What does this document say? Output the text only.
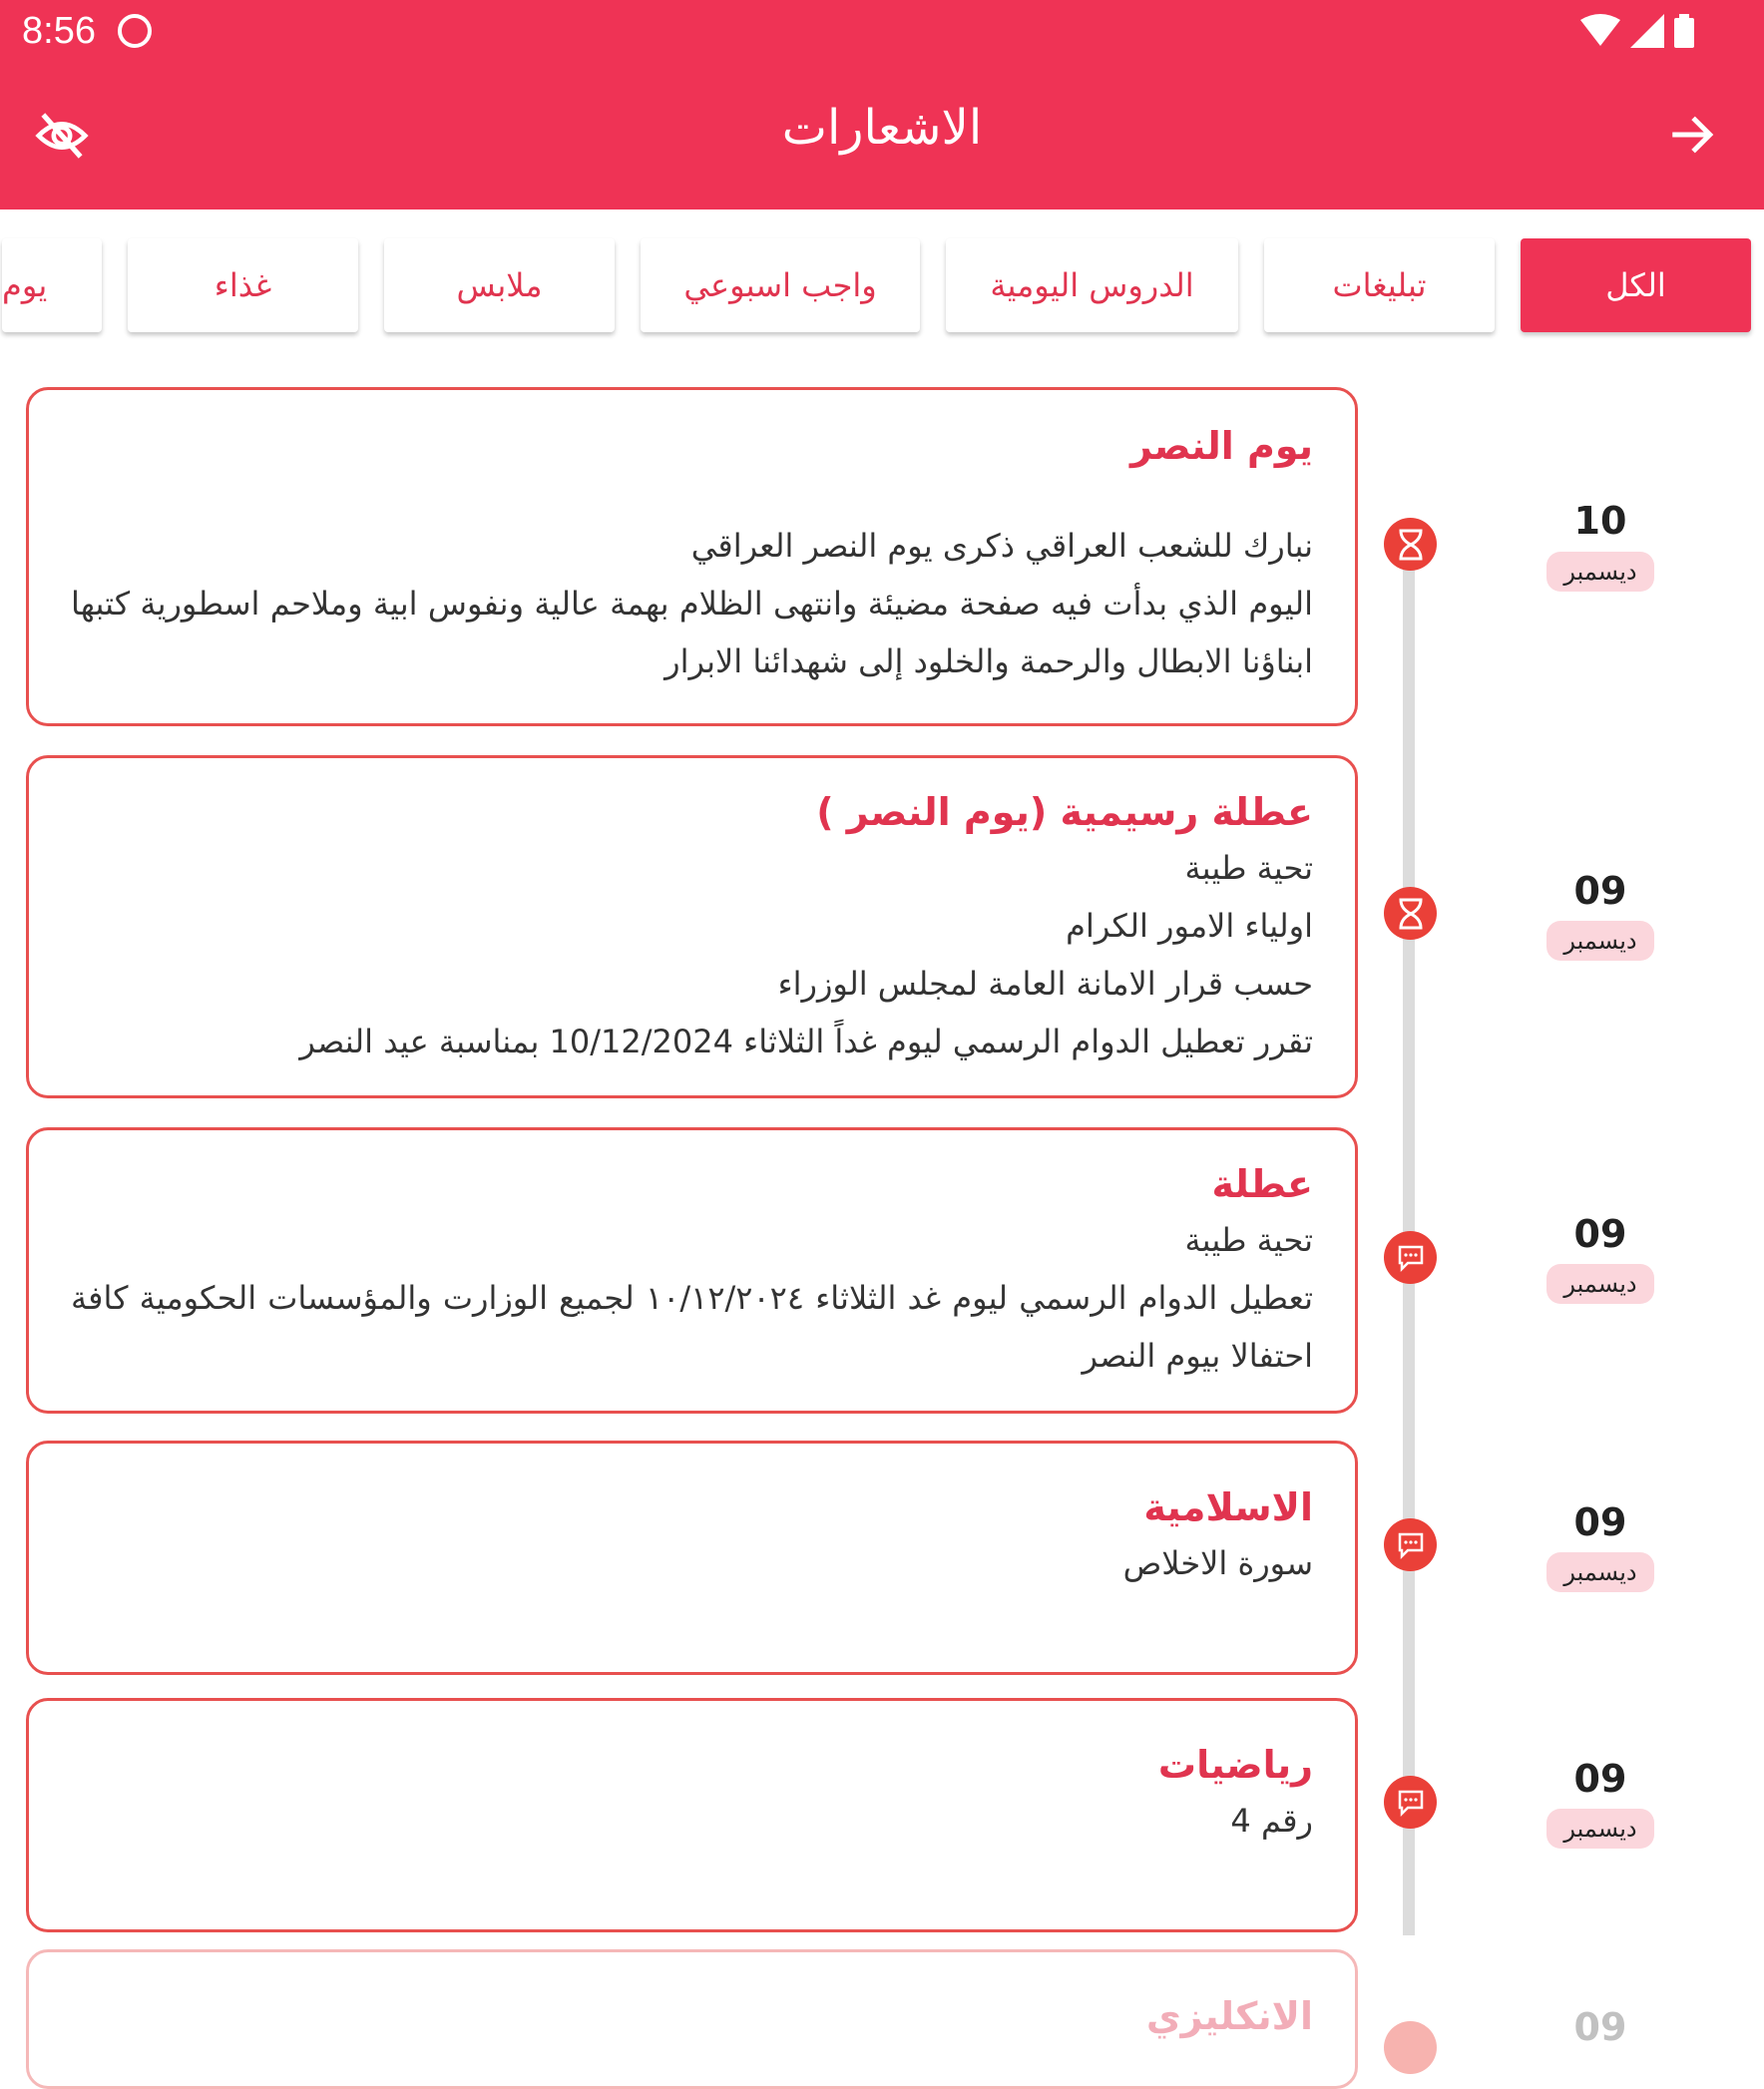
8:56
الاشعارات
الكل
تبليغات
الدروس اليومية
واجب اسبوعي
ملابس
غذاء
يوم
يوم النصر

نبارك للشعب العراقي ذكرى يوم النصر العراقي

اليوم الذي بدأت فيه صفحة مضيئة وانتهى الظلام بهمة عالية ونفوس ابية وملاحم اسطورية كتبها ابناؤنا الابطال والرحمة والخلود إلى شهدائنا الابرار

10
ديسمبر
عطلة رسيمية (يوم النصر )

تحية طيبة

اولياء الامور الكرام

حسب قرار الامانة العامة لمجلس الوزراء

تقرر تعطيل الدوام الرسمي ليوم غداً الثلاثاء 10/12/2024 بمناسبة عيد النصر

09
ديسمبر
عطلة

تحية طيبة

تعطيل الدوام الرسمي ليوم غد الثلاثاء ١٠/١٢/٢٠٢٤ لجميع الوزارت والمؤسسات الحكومية كافة احتفالا بيوم النصر

09
ديسمبر
الاسلامية

سورة الاخلاص

09
ديسمبر
رياضيات

رقم 4

09
ديسمبر
الانكليزي	09
